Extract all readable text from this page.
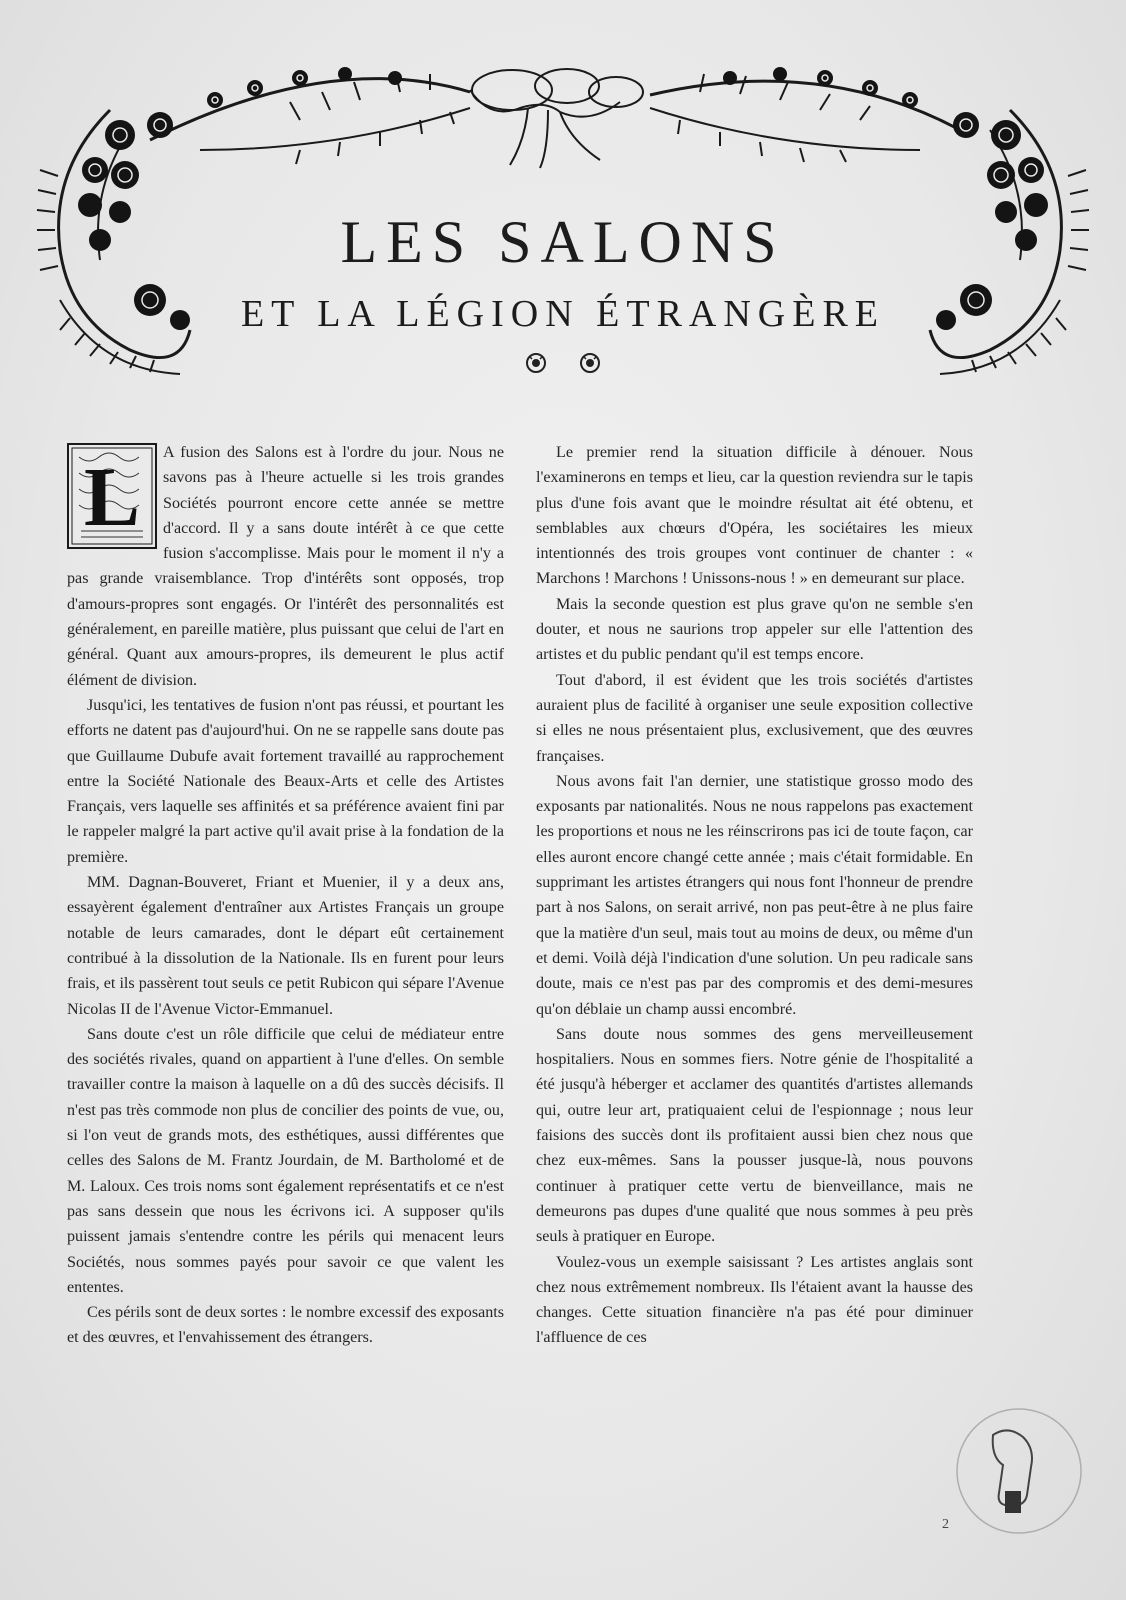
LES SALONS
ET LA LÉGION ÉTRANGÈRE

L	A fusion des Salons est à l'ordre du jour. Nous ne savons pas à l'heure actuelle si les trois grandes Sociétés pourront encore cette année se mettre d'accord. Il y a sans doute intérêt à ce que cette fusion s'accomplisse. Mais pour le moment il n'y a pas grande vraisemblance. Trop d'intérêts sont opposés, trop d'amours-propres sont engagés. Or l'intérêt des personnalités est généralement, en pareille matière, plus puissant que celui de l'art en général. Quant aux amours-propres, ils demeurent le plus actif élément de division.

Jusqu'ici, les tentatives de fusion n'ont pas réussi, et pourtant les efforts ne datent pas d'aujourd'hui. On ne se rappelle sans doute pas que Guillaume Dubufe avait fortement travaillé au rapprochement entre la Société Nationale des Beaux-Arts et celle des Artistes Français, vers laquelle ses affinités et sa préférence avaient fini par le rappeler malgré la part active qu'il avait prise à la fondation de la première.

MM. Dagnan-Bouveret, Friant et Muenier, il y a deux ans, essayèrent également d'entraîner aux Artistes Français un groupe notable de leurs camarades, dont le départ eût certainement contribué à la dissolution de la Nationale. Ils en furent pour leurs frais, et ils passèrent tout seuls ce petit Rubicon qui sépare l'Avenue Nicolas II de l'Avenue Victor-Emmanuel.

Sans doute c'est un rôle difficile que celui de médiateur entre des sociétés rivales, quand on appartient à l'une d'elles. On semble travailler contre la maison à laquelle on a dû des succès décisifs. Il n'est pas très commode non plus de concilier des points de vue, ou, si l'on veut de grands mots, des esthétiques, aussi différentes que celles des Salons de M. Frantz Jourdain, de M. Bartholomé et de M. Laloux. Ces trois noms sont également représentatifs et ce n'est pas sans dessein que nous les écrivons ici. A supposer qu'ils puissent jamais s'entendre contre les périls qui menacent leurs Sociétés, nous sommes payés pour savoir ce que valent les ententes.

Ces périls sont de deux sortes : le nombre excessif des exposants et des œuvres, et l'envahissement des étrangers.

Le premier rend la situation difficile à dénouer. Nous l'examinerons en temps et lieu, car la question reviendra sur le tapis plus d'une fois avant que le moindre résultat ait été obtenu, et semblables aux chœurs d'Opéra, les sociétaires les mieux intentionnés des trois groupes vont continuer de chanter : « Marchons ! Marchons ! Unissons-nous ! » en demeurant sur place.

Mais la seconde question est plus grave qu'on ne semble s'en douter, et nous ne saurions trop appeler sur elle l'attention des artistes et du public pendant qu'il est temps encore.

Tout d'abord, il est évident que les trois sociétés d'artistes auraient plus de facilité à organiser une seule exposition collective si elles ne nous présentaient plus, exclusivement, que des œuvres françaises.

Nous avons fait l'an dernier, une statistique grosso modo des exposants par nationalités. Nous ne nous rappelons pas exactement les proportions et nous ne les réinscrirons pas ici de toute façon, car elles auront encore changé cette année ; mais c'était formidable. En supprimant les artistes étrangers qui nous font l'honneur de prendre part à nos Salons, on serait arrivé, non pas peut-être à ne plus faire que la matière d'un seul, mais tout au moins de deux, ou même d'un et demi. Voilà déjà l'indication d'une solution. Un peu radicale sans doute, mais ce n'est pas par des compromis et des demi-mesures qu'on déblaie un champ aussi encombré.

Sans doute nous sommes des gens merveilleusement hospitaliers. Nous en sommes fiers. Notre génie de l'hospitalité a été jusqu'à héberger et acclamer des quantités d'artistes allemands qui, outre leur art, pratiquaient celui de l'espionnage ; nous leur faisions des succès dont ils profitaient aussi bien chez nous que chez eux-mêmes. Sans la pousser jusque-là, nous pouvons continuer à pratiquer cette vertu de bienveillance, mais ne demeurons pas dupes d'une qualité que nous sommes à peu près seuls à pratiquer en Europe.

Voulez-vous un exemple saisissant ? Les artistes anglais sont chez nous extrêmement nombreux. Ils l'étaient avant la hausse des changes. Cette situation financière n'a pas été pour diminuer l'affluence de ces

2
